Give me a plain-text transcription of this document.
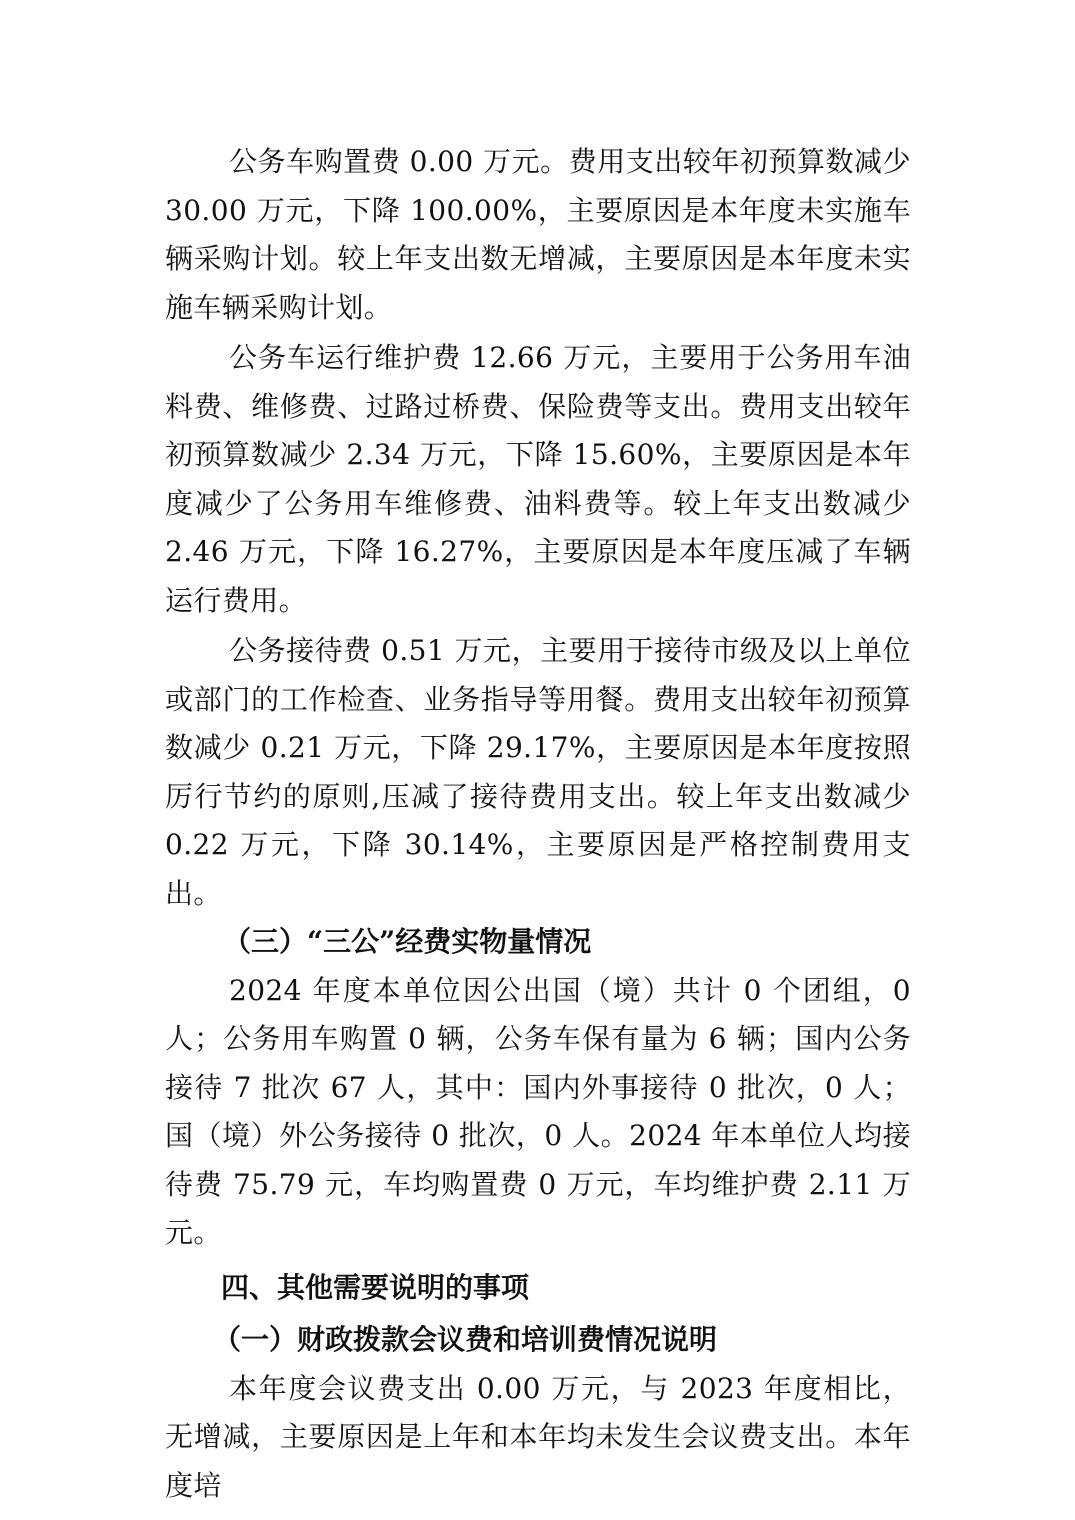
公务车购置费 0.00 万元。费用支出较年初预算数减少 30.00 万元，下降 100.00%，主要原因是本年度未实施车辆采购计划。较上年支出数无增减，主要原因是本年度未实施车辆采购计划。

公务车运行维护费 12.66 万元，主要用于公务用车油料费、维修费、过路过桥费、保险费等支出。费用支出较年初预算数减少 2.34 万元，下降 15.60%，主要原因是本年度减少了公务用车维修费、油料费等。较上年支出数减少 2.46 万元，下降 16.27%，主要原因是本年度压减了车辆运行费用。

公务接待费 0.51 万元，主要用于接待市级及以上单位或部门的工作检查、业务指导等用餐。费用支出较年初预算数减少 0.21 万元，下降 29.17%，主要原因是本年度按照厉行节约的原则,压减了接待费用支出。较上年支出数减少 0.22 万元，下降 30.14%，主要原因是严格控制费用支出。

（三）“三公”经费实物量情况

2024 年度本单位因公出国（境）共计 0 个团组，0 人；公务用车购置 0 辆，公务车保有量为 6 辆；国内公务接待 7 批次 67 人，其中：国内外事接待 0 批次，0 人；国（境）外公务接待 0 批次，0 人。2024 年本单位人均接待费 75.79 元，车均购置费 0 万元，车均维护费 2.11 万元。

四、其他需要说明的事项

（一）财政拨款会议费和培训费情况说明

本年度会议费支出 0.00 万元，与 2023 年度相比，无增减，主要原因是上年和本年均未发生会议费支出。本年度培
